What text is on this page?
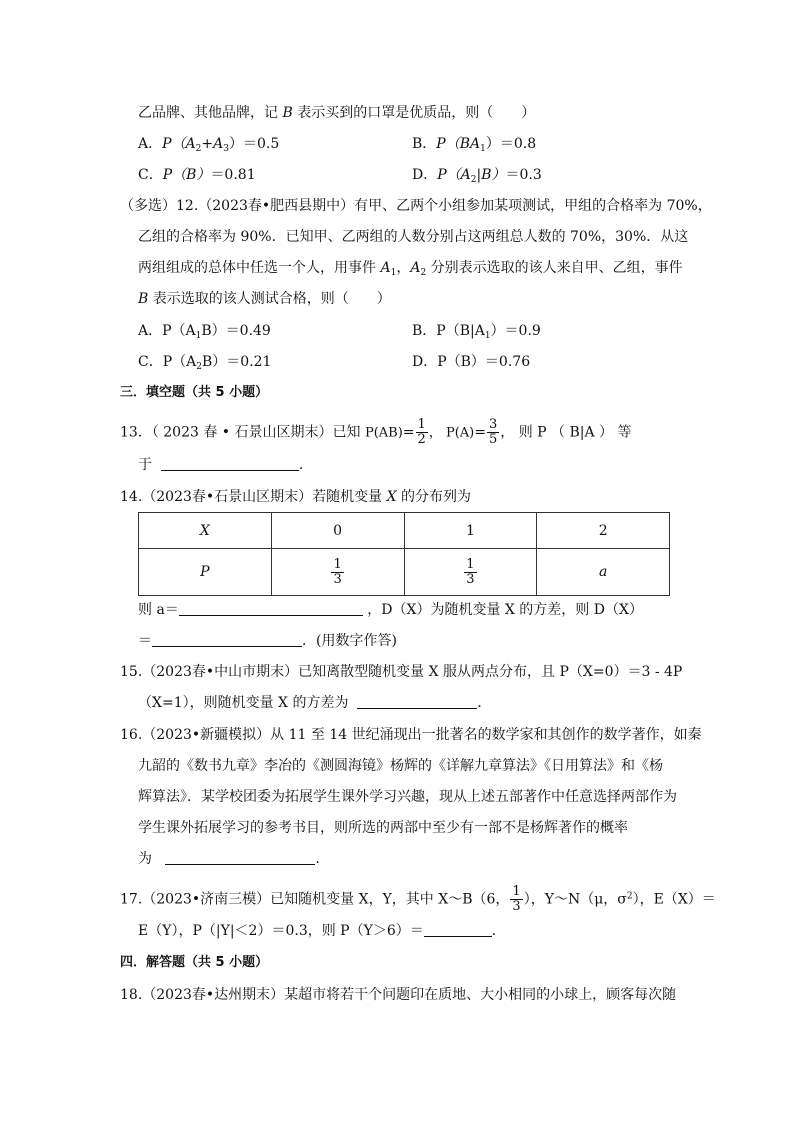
乙品牌、其他品牌，记 B 表示买到的口罩是优质品，则（　　）
A．$P(A_2+A_3)=0.5$	B．$P(BA_1)=0.8$
C．P（B）＝0.81	D．$P(A_2|B)=0.3$
（多选）12.（2023春•肥西县期中）有甲、乙两个小组参加某项测试，甲组的合格率为 70%，
乙组的合格率为 90%．已知甲、乙两组的人数分别占这两组总人数的 70%，30%．从这
两组组成的总体中任选一个人，用事件 $A_1$，$A_2$ 分别表示选取的该人来自甲、乙组，事件
B 表示选取的该人测试合格，则（　　）
A．$P(A_1B)=0.49$	B．$P(B|A_1)=0.9$
C．$P(A_2B)=0.21$	D．P（B）＝0.76
三．填空题（共 5 小题）
13．（ 2023 春 • 石景山区期末）已知 $P(AB)= \frac{1}{2}$ ， $P(A)= \frac{3}{5}$ ， 则 P （ B|A ） 等
于	.
14.（2023春•石景山区期末）若随机变量 X 的分布列为
X	0	1	2
P	$\frac{1}{3}$	$\frac{1}{3}$	a
则 a＝	，D（X）为随机变量 X 的方差，则 D（X）
＝	．(用数字作答)
15.（2023春•中山市期末）已知离散型随机变量 X 服从两点分布，且 P（X=0）＝3 - 4P
（X=1），则随机变量 X 的方差为	．
16.（2023•新疆模拟）从 11 至 14 世纪涌现出一批著名的数学家和其创作的数学著作，如秦
九韶的《数书九章》李冶的《测圆海镜》杨辉的《详解九章算法》《日用算法》和《杨
辉算法》．某学校团委为拓展学生课外学习兴趣，现从上述五部著作中任意选择两部作为
学生课外拓展学习的参考书目，则所选的两部中至少有一部不是杨辉著作的概率
为	.
17.（2023•济南三模）已知随机变量 X，Y，其中 X～B（6， $\frac{1}{3}$ ），Y～N（μ，$\sigma^2$），E（X）＝
E（Y），P（|Y|＜2）＝0.3，则 P（Y＞6）＝	．
四．解答题（共 5 小题）
18.（2023春•达州期末）某超市将若干个问题印在质地、大小相同的小球上，顾客每次随
